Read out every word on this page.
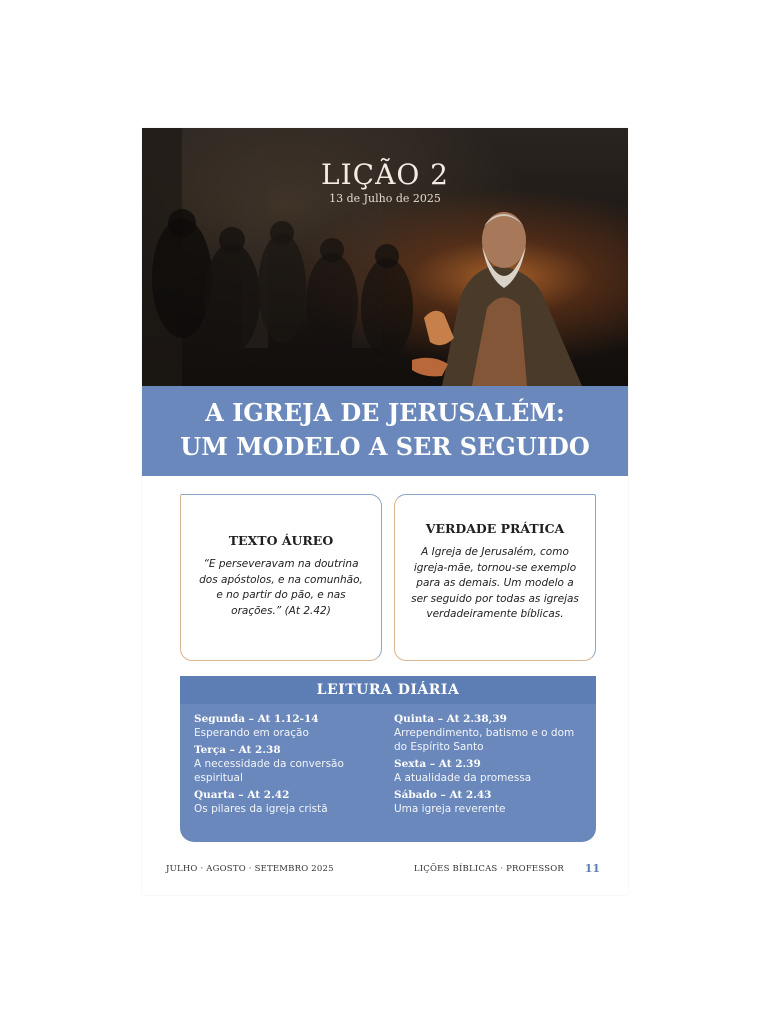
LIÇÃO 2
13 de Julho de 2025
A IGREJA DE JERUSALÉM:
UM MODELO A SER SEGUIDO
TEXTO ÁUREO
“E perseveravam na doutrina dos apóstolos, e na comunhão, e no partir do pão, e nas orações.” (At 2.42)
VERDADE PRÁTICA
A Igreja de Jerusalém, como igreja-mãe, tornou-se exemplo para as demais. Um modelo a ser seguido por todas as igrejas verdadeiramente bíblicas.
LEITURA DIÁRIA
Segunda – At 1.12-14
Esperando em oração
Terça – At 2.38
A necessidade da conversão espiritual
Quarta – At 2.42
Os pilares da igreja cristã
Quinta – At 2.38,39
Arrependimento, batismo e o dom do Espírito Santo
Sexta – At 2.39
A atualidade da promessa
Sábado – At 2.43
Uma igreja reverente
JULHO · AGOSTO · SETEMBRO 2025	LIÇÕES BÍBLICAS · PROFESSOR 11
